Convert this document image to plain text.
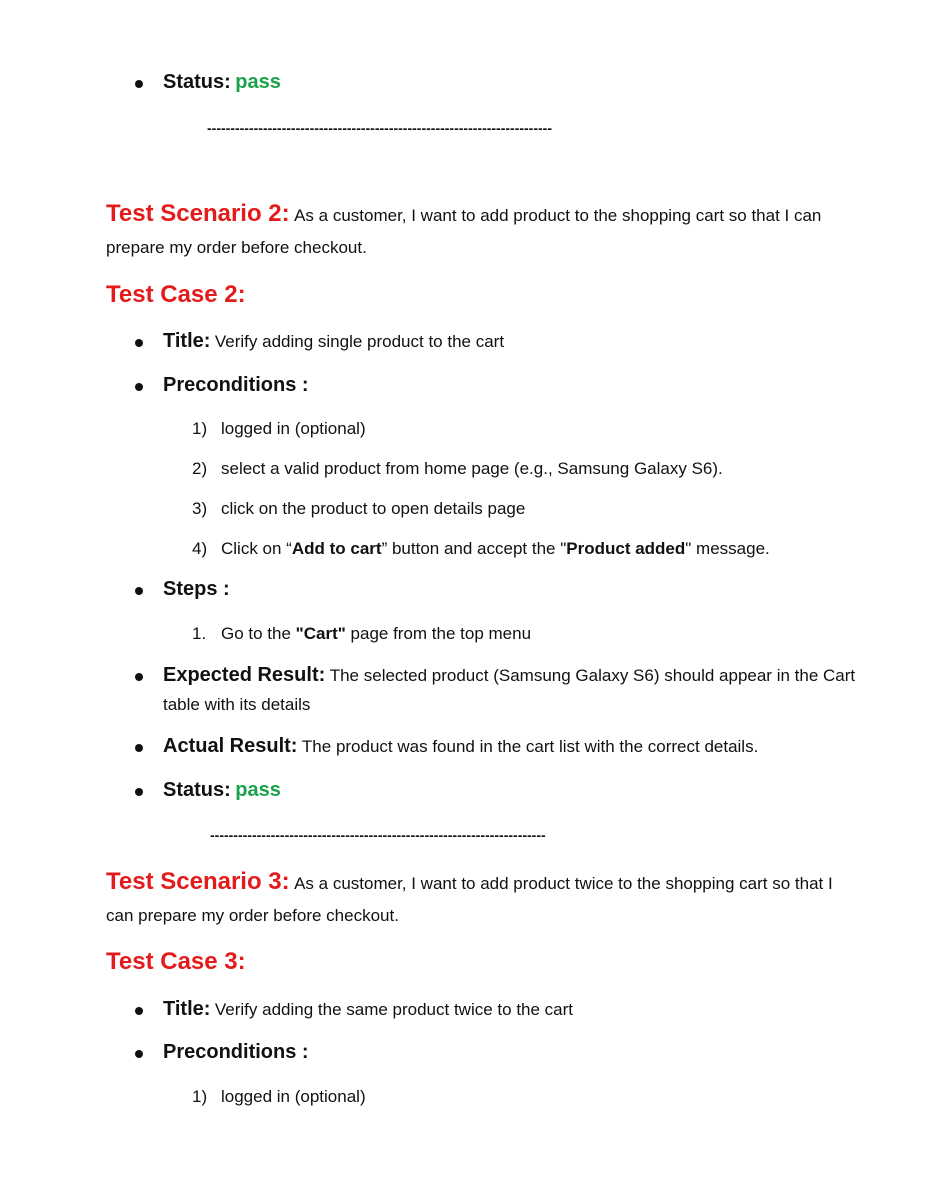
Status: pass
--------------------------------------------------------------------------
Test Scenario 2: As a customer, I want to add product to the shopping cart so that I can
prepare my order before checkout.
Test Case 2:
Title: Verify adding single product to the cart
Preconditions :
1) logged in (optional)
2) select a valid product from home page (e.g., Samsung Galaxy S6).
3) click on the product to open details page
4) Click on “Add to cart” button and accept the "Product added" message.
Steps :
1. Go to the "Cart" page from the top menu
Expected Result: The selected product (Samsung Galaxy S6) should appear in the Cart
table with its details
Actual Result: The product was found in the cart list with the correct details.
Status: pass
------------------------------------------------------------------------
Test Scenario 3: As a customer, I want to add product twice to the shopping cart so that I
can prepare my order before checkout.
Test Case 3:
Title: Verify adding the same product twice to the cart
Preconditions :
1) logged in (optional)
